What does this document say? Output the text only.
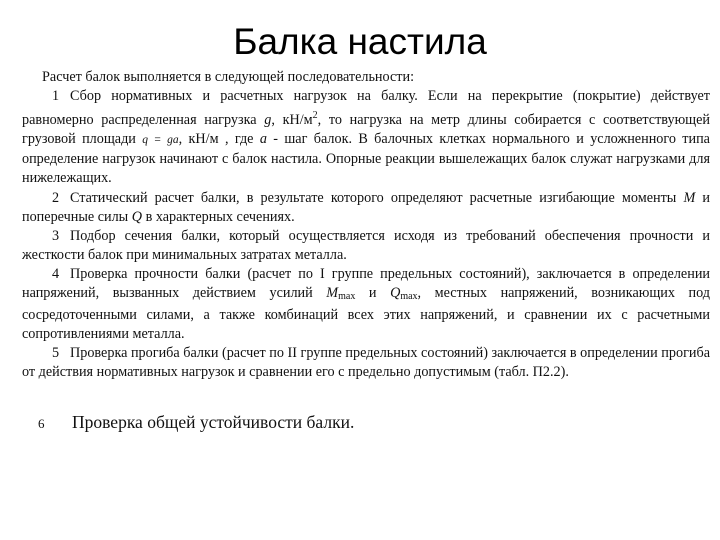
Балка настила

Расчет балок выполняется в следующей последовательности:

1 Сбор нормативных и расчетных нагрузок на балку. Если на перекрытие (покрытие) действует равномерно распределенная нагрузка g, $кН/м^2$, то нагрузка на метр длины собирается с соответствующей грузовой площади q = ga, кН/м , где a - шаг балок. В балочных клетках нормального и усложненного типа определение нагрузок начинают с балок настила. Опорные реакции вышележащих балок служат нагрузками для нижележащих.

2 Статический расчет балки, в результате которого определяют расчетные изгибающие моменты M и поперечные силы Q в характерных сечениях.

3 Подбор сечения балки, который осуществляется исходя из требований обеспечения прочности и жесткости балок при минимальных затратах металла.

4 Проверка прочности балки (расчет по I группе предельных состояний), заключается в определении напряжений, вызванных действием усилий $M_{max}$ и $Q_{max}$, местных напряжений, возникающих под сосредоточенными силами, а также комбинаций всех этих напряжений, и сравнении их с расчетными сопротивлениями металла.

5 Проверка прогиба балки (расчет по II группе предельных состояний) заключается в определении прогиба от действия нормативных нагрузок и сравнении его с предельно допустимым (табл. П2.2).

6 Проверка общей устойчивости балки.
